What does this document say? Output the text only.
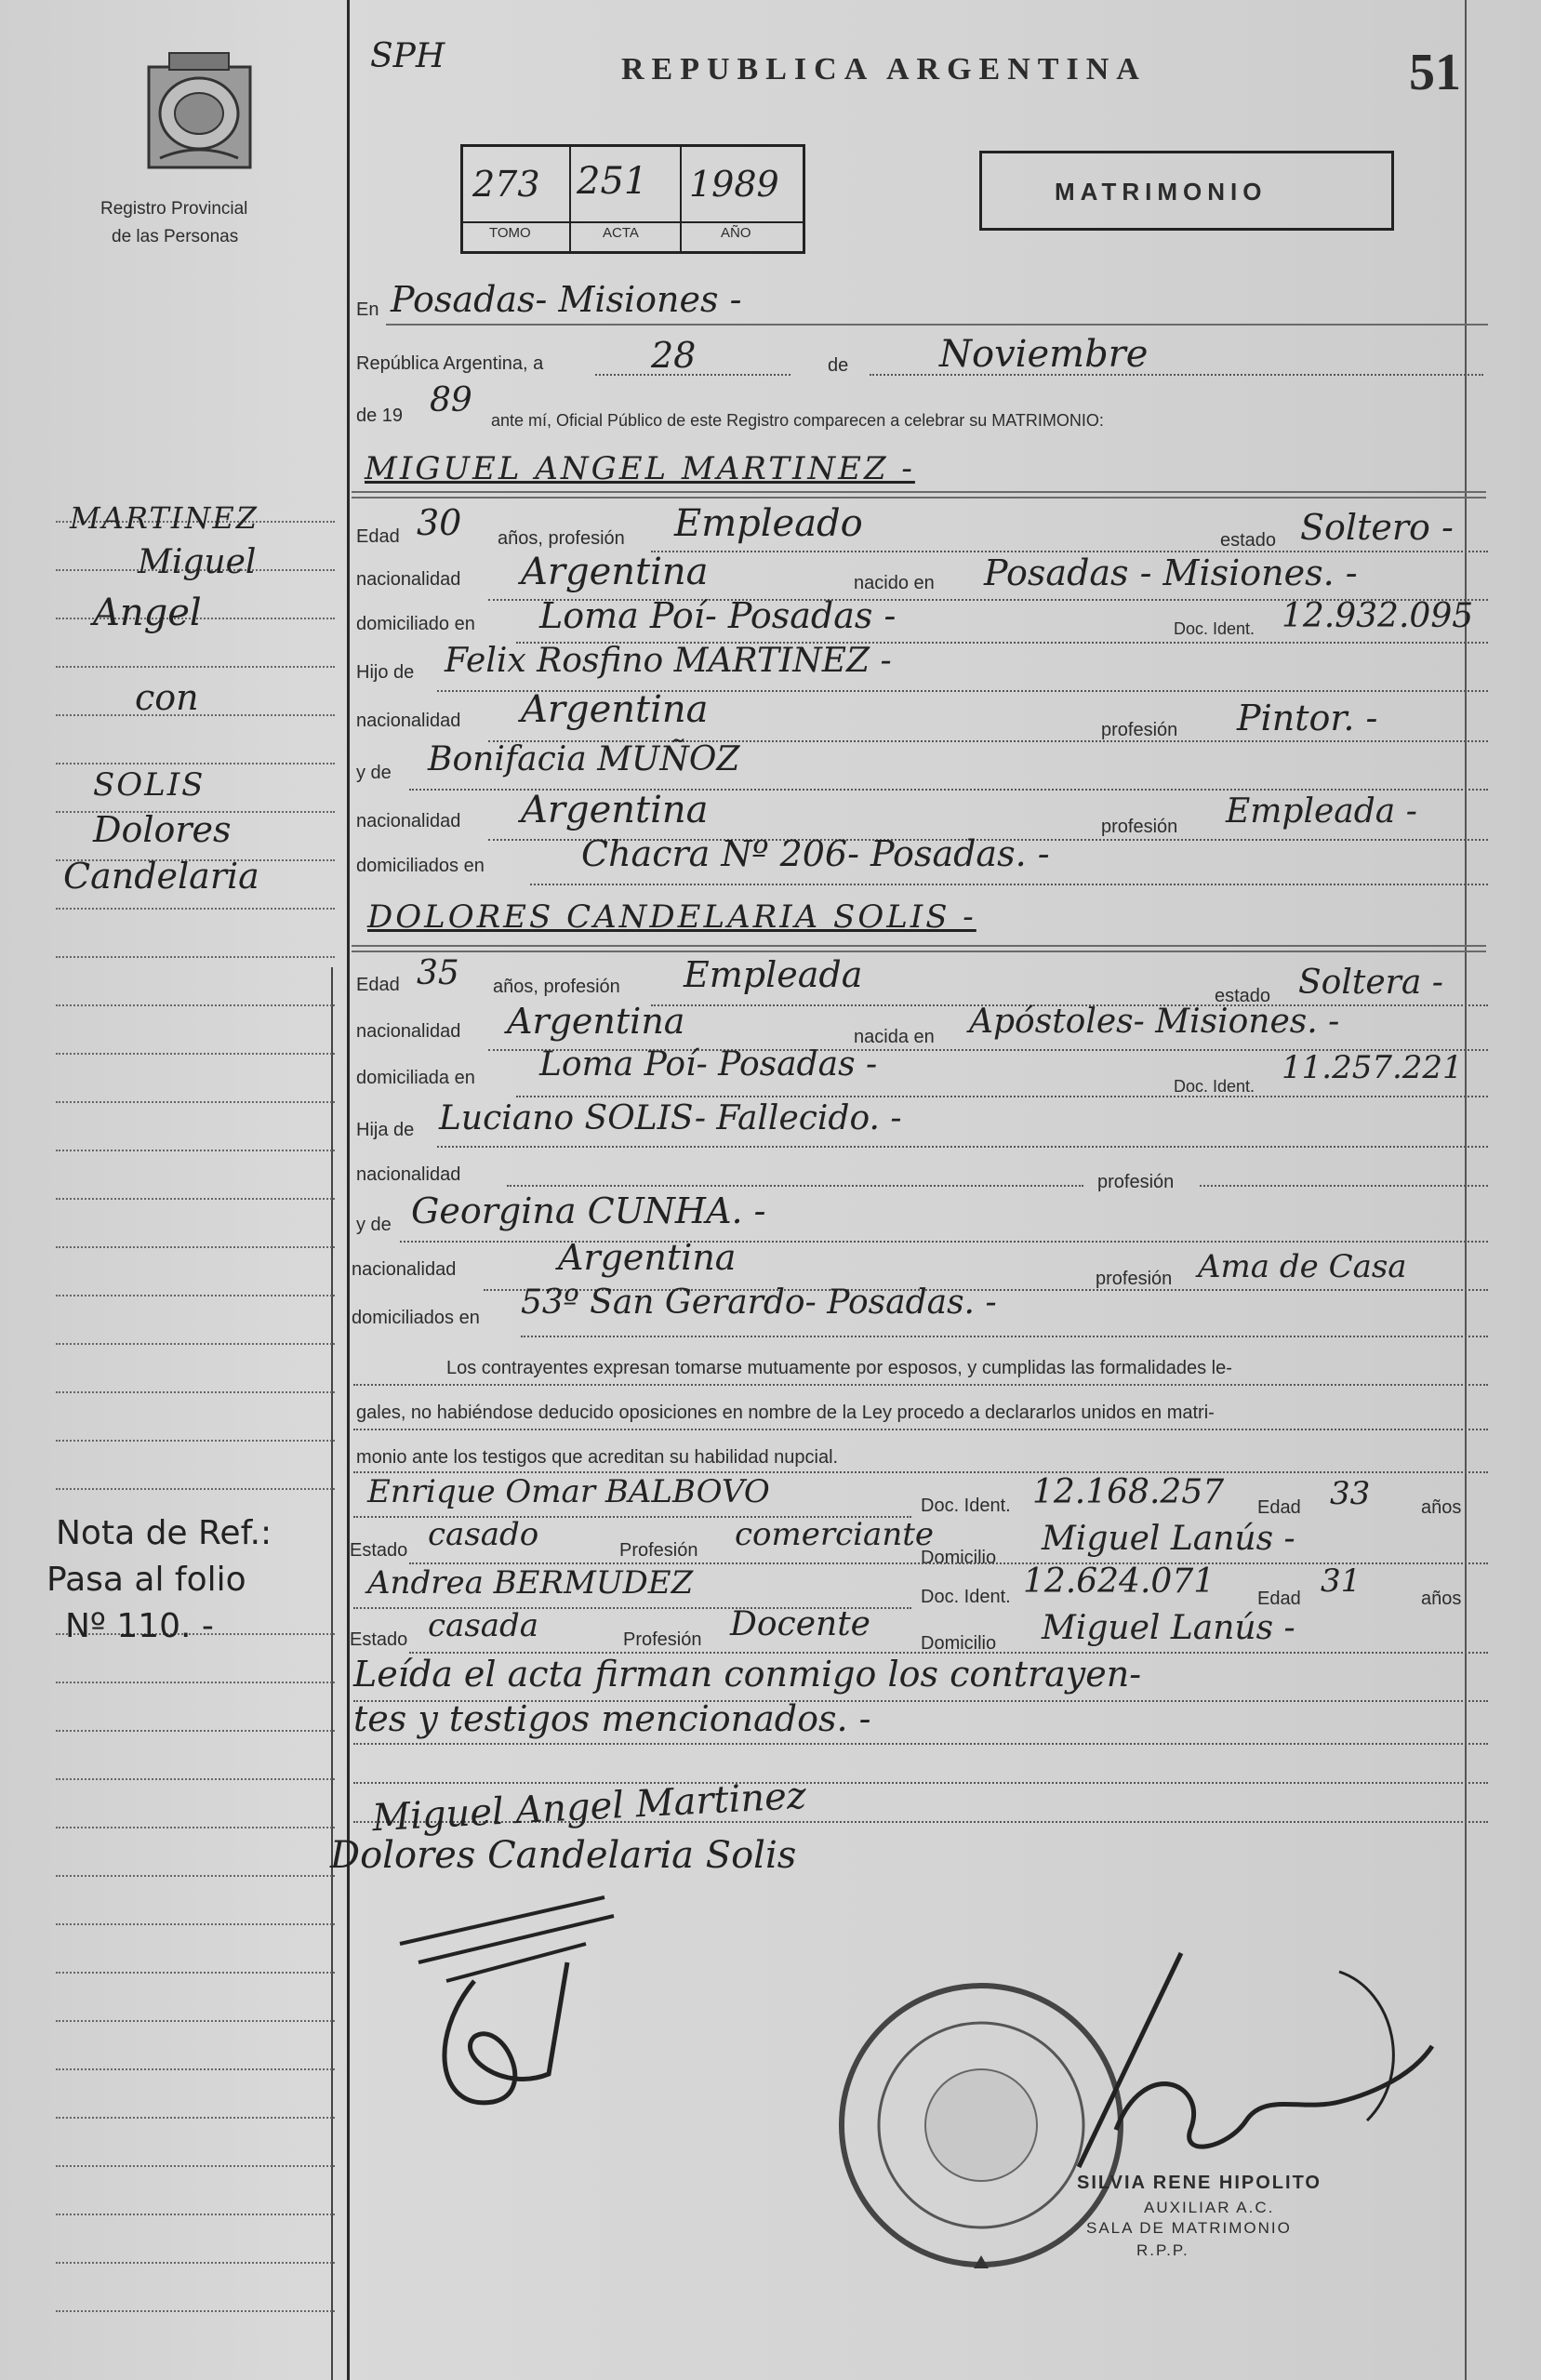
Registro Provincial
de las Personas
SPH	REPUBLICA ARGENTINA	51
273 251 1989
TOMO	ACTA	AÑO
MATRIMONIO
En Posadas- Misiones -
República Argentina, a	28	de Noviembre
de 19 89
ante mí, Oficial Público de este Registro comparecen a celebrar su MATRIMONIO:
MIGUEL ANGEL MARTINEZ -
Edad 30 años, profesión Empleado	estado Soltero -
nacionalidad Argentina	nacido en Posadas - Misiones. -
domiciliado en Loma Poí- Posadas -	Doc. Ident. 12.932.095
Hijo de Felix Rosfino MARTINEZ -
nacionalidad Argentina	profesión Pintor. -
y de Bonifacia MUÑOZ
nacionalidad Argentina	profesión Empleada -
domiciliados en	Chacra Nº 206- Posadas. -
DOLORES CANDELARIA SOLIS -
Edad 35 años, profesión Empleada
estado Soltera -
nacionalidad Argentina	nacida en Apóstoles- Misiones. -
domiciliada en Loma Poí- Posadas -
Doc. Ident. 11.257.221
Hija de Luciano SOLIS- Fallecido. -
nacionalidad	profesión
y de Georgina CUNHA. -
nacionalidad	Argentina
profesión Ama de Casa
domiciliados en 53º San Gerardo- Posadas. -
Los contrayentes expresan tomarse mutuamente por esposos, y cumplidas las formalidades le-
gales, no habiéndose deducido oposiciones en nombre de la Ley procedo a declararlos unidos en matri-
monio ante los testigos que acreditan su habilidad nupcial.
Enrique Omar BALBOVO	Doc. Ident. 12.168.257 Edad 33	años
Estado casado	Profesión comerciante
Domicilio Miguel Lanús -
Andrea BERMUDEZ	Doc. Ident. 12.624.071 Edad 31	años
Estado casada	Profesión Docente	Domicilio Miguel Lanús -
Leída el acta firman conmigo los contrayen-
tes y testigos mencionados. -
Miguel Angel Martinez
Dolores Candelaria Solis
SILVIA RENE HIPOLITO
AUXILIAR A.C.
SALA DE MATRIMONIO
R.P.P.
MARTINEZ
Miguel
Angel
con
SOLIS
Dolores
Candelaria
Nota de Ref.:
Pasa al folio
Nº 110. -
